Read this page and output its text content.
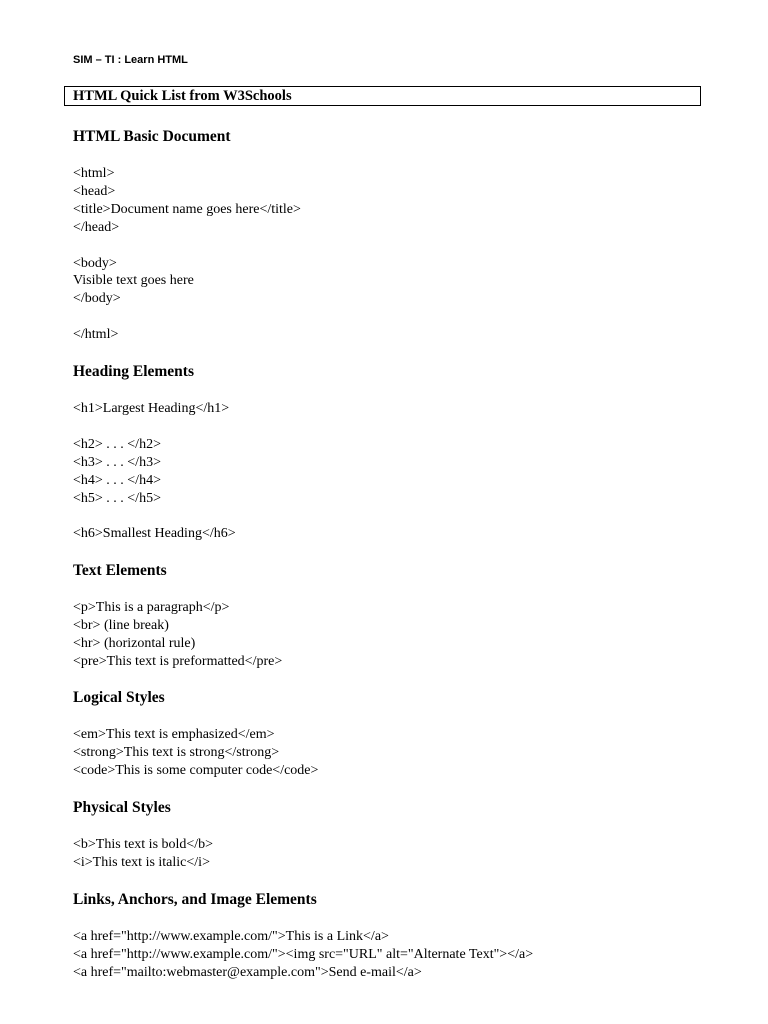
SIM – TI : Learn HTML
HTML Quick List from W3Schools
HTML Basic Document
<html>
<head>
<title>Document name goes here</title>
</head>
<body>
Visible text goes here
</body>
</html>
Heading Elements
<h1>Largest Heading</h1>
<h2> . . . </h2>
<h3> . . . </h3>
<h4> . . . </h4>
<h5> . . . </h5>
<h6>Smallest Heading</h6>
Text Elements
<p>This is a paragraph</p>
<br> (line break)
<hr> (horizontal rule)
<pre>This text is preformatted</pre>
Logical Styles
<em>This text is emphasized</em>
<strong>This text is strong</strong>
<code>This is some computer code</code>
Physical Styles
<b>This text is bold</b>
<i>This text is italic</i>
Links, Anchors, and Image Elements
<a href="http://www.example.com/">This is a Link</a>
<a href="http://www.example.com/"><img src="URL" alt="Alternate Text"></a>
<a href="mailto:webmaster@example.com">Send e-mail</a>
